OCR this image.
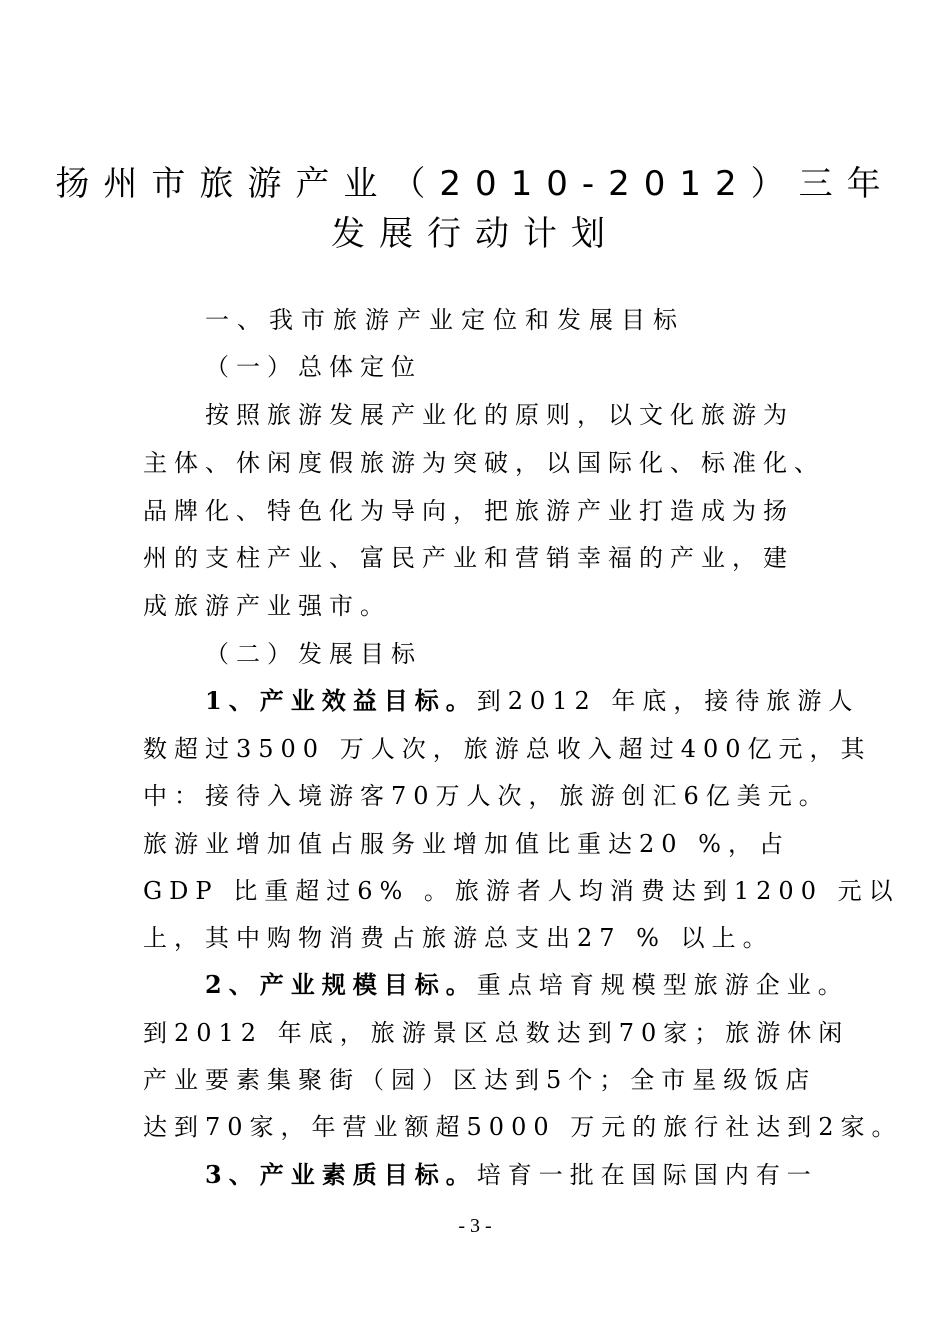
扬州市旅游产业（2010-2012）三年
发展行动计划
一、我市旅游产业定位和发展目标
（一）总体定位
按照旅游发展产业化的原则，以文化旅游为
主体、休闲度假旅游为突破，以国际化、标准化、
品牌化、特色化为导向，把旅游产业打造成为扬
州的支柱产业、富民产业和营销幸福的产业，建
成旅游产业强市。
（二）发展目标
1、产业效益目标。到2012 年底，接待旅游人
数超过3500 万人次，旅游总收入超过400亿元，其
中：接待入境游客70万人次，旅游创汇6亿美元。
旅游业增加值占服务业增加值比重达20 %，占
GDP 比重超过6% 。旅游者人均消费达到1200 元以
上，其中购物消费占旅游总支出27 % 以上。
2、产业规模目标。重点培育规模型旅游企业。
到2012 年底，旅游景区总数达到70家；旅游休闲
产业要素集聚街（园）区达到5个；全市星级饭店
达到70家，年营业额超5000 万元的旅行社达到2家。
3、产业素质目标。培育一批在国际国内有一
- 3 -
